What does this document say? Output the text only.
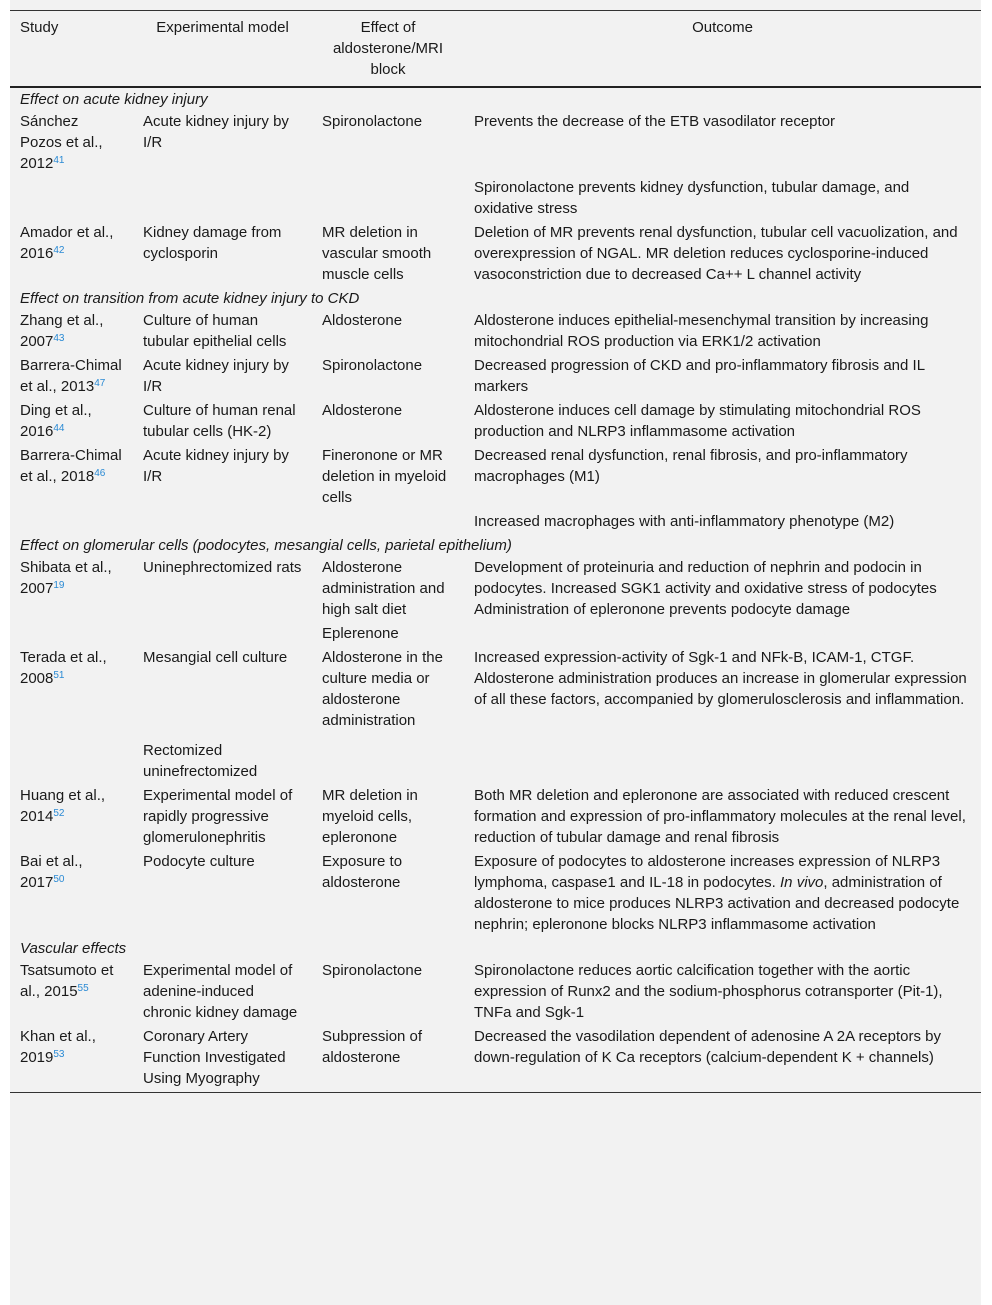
Study	Experimental model	Effect of aldosterone/MRI block	Outcome
Effect on acute kidney injury			
Sánchez Pozos et al., 2012$^{41}$	Acute kidney injury by I/R	Spironolactone	Prevents the decrease of the ETB vasodilator receptor
			Spironolactone prevents kidney dysfunction, tubular damage, and oxidative stress
Amador et al., 2016$^{42}$	Kidney damage from cyclosporin	MR deletion in vascular smooth muscle cells	Deletion of MR prevents renal dysfunction, tubular cell vacuolization, and overexpression of NGAL. MR deletion reduces cyclosporine-induced vasoconstriction due to decreased Ca++ L channel activity
Effect on transition from acute kidney injury to CKD			
Zhang et al., 2007$^{43}$	Culture of human tubular epithelial cells	Aldosterone	Aldosterone induces epithelial-mesenchymal transition by increasing mitochondrial ROS production via ERK1/2 activation
Barrera-Chimal et al., 2013$^{47}$	Acute kidney injury by I/R	Spironolactone	Decreased progression of CKD and pro-inflammatory fibrosis and IL markers
Ding et al., 2016$^{44}$	Culture of human renal tubular cells (HK-2)	Aldosterone	Aldosterone induces cell damage by stimulating mitochondrial ROS production and NLRP3 inflammasome activation
Barrera-Chimal et al., 2018$^{46}$	Acute kidney injury by I/R	Fineronone or MR deletion in myeloid cells	Decreased renal dysfunction, renal fibrosis, and pro-inflammatory macrophages (M1)
			Increased macrophages with anti-inflammatory phenotype (M2)
Effect on glomerular cells (podocytes, mesangial cells, parietal epithelium)			
Shibata et al., 2007$^{19}$	Uninephrectomized rats	Aldosterone administration and high salt diet	Development of proteinuria and reduction of nephrin and podocin in podocytes. Increased SGK1 activity and oxidative stress of podocytes Administration of epleronone prevents podocyte damage
		Eplerenone	
Terada et al., 2008$^{51}$	Mesangial cell culture	Aldosterone in the culture media or aldosterone administration	Increased expression-activity of Sgk-1 and NFk-B, ICAM-1, CTGF. Aldosterone administration produces an increase in glomerular expression of all these factors, accompanied by glomerulosclerosis and inflammation.
	Rectomized uninefrectomized		
Huang et al., 2014$^{52}$	Experimental model of rapidly progressive glomerulonephritis	MR deletion in myeloid cells, epleronone	Both MR deletion and epleronone are associated with reduced crescent formation and expression of pro-inflammatory molecules at the renal level, reduction of tubular damage and renal fibrosis
Bai et al., 2017$^{50}$	Podocyte culture	Exposure to aldosterone	Exposure of podocytes to aldosterone increases expression of NLRP3 lymphoma, caspase1 and IL-18 in podocytes. In vivo, administration of aldosterone to mice produces NLRP3 activation and decreased podocyte nephrin; epleronone blocks NLRP3 inflammasome activation
Vascular effects			
Tsatsumoto et al., 2015$^{55}$	Experimental model of adenine-induced chronic kidney damage	Spironolactone	Spironolactone reduces aortic calcification together with the aortic expression of Runx2 and the sodium-phosphorus cotransporter (Pit-1), TNFa and Sgk-1
Khan et al., 2019$^{53}$	Coronary Artery Function Investigated Using Myography	Subpression of aldosterone	Decreased the vasodilation dependent of adenosine A 2A receptors by down-regulation of K Ca receptors (calcium-dependent K + channels)
